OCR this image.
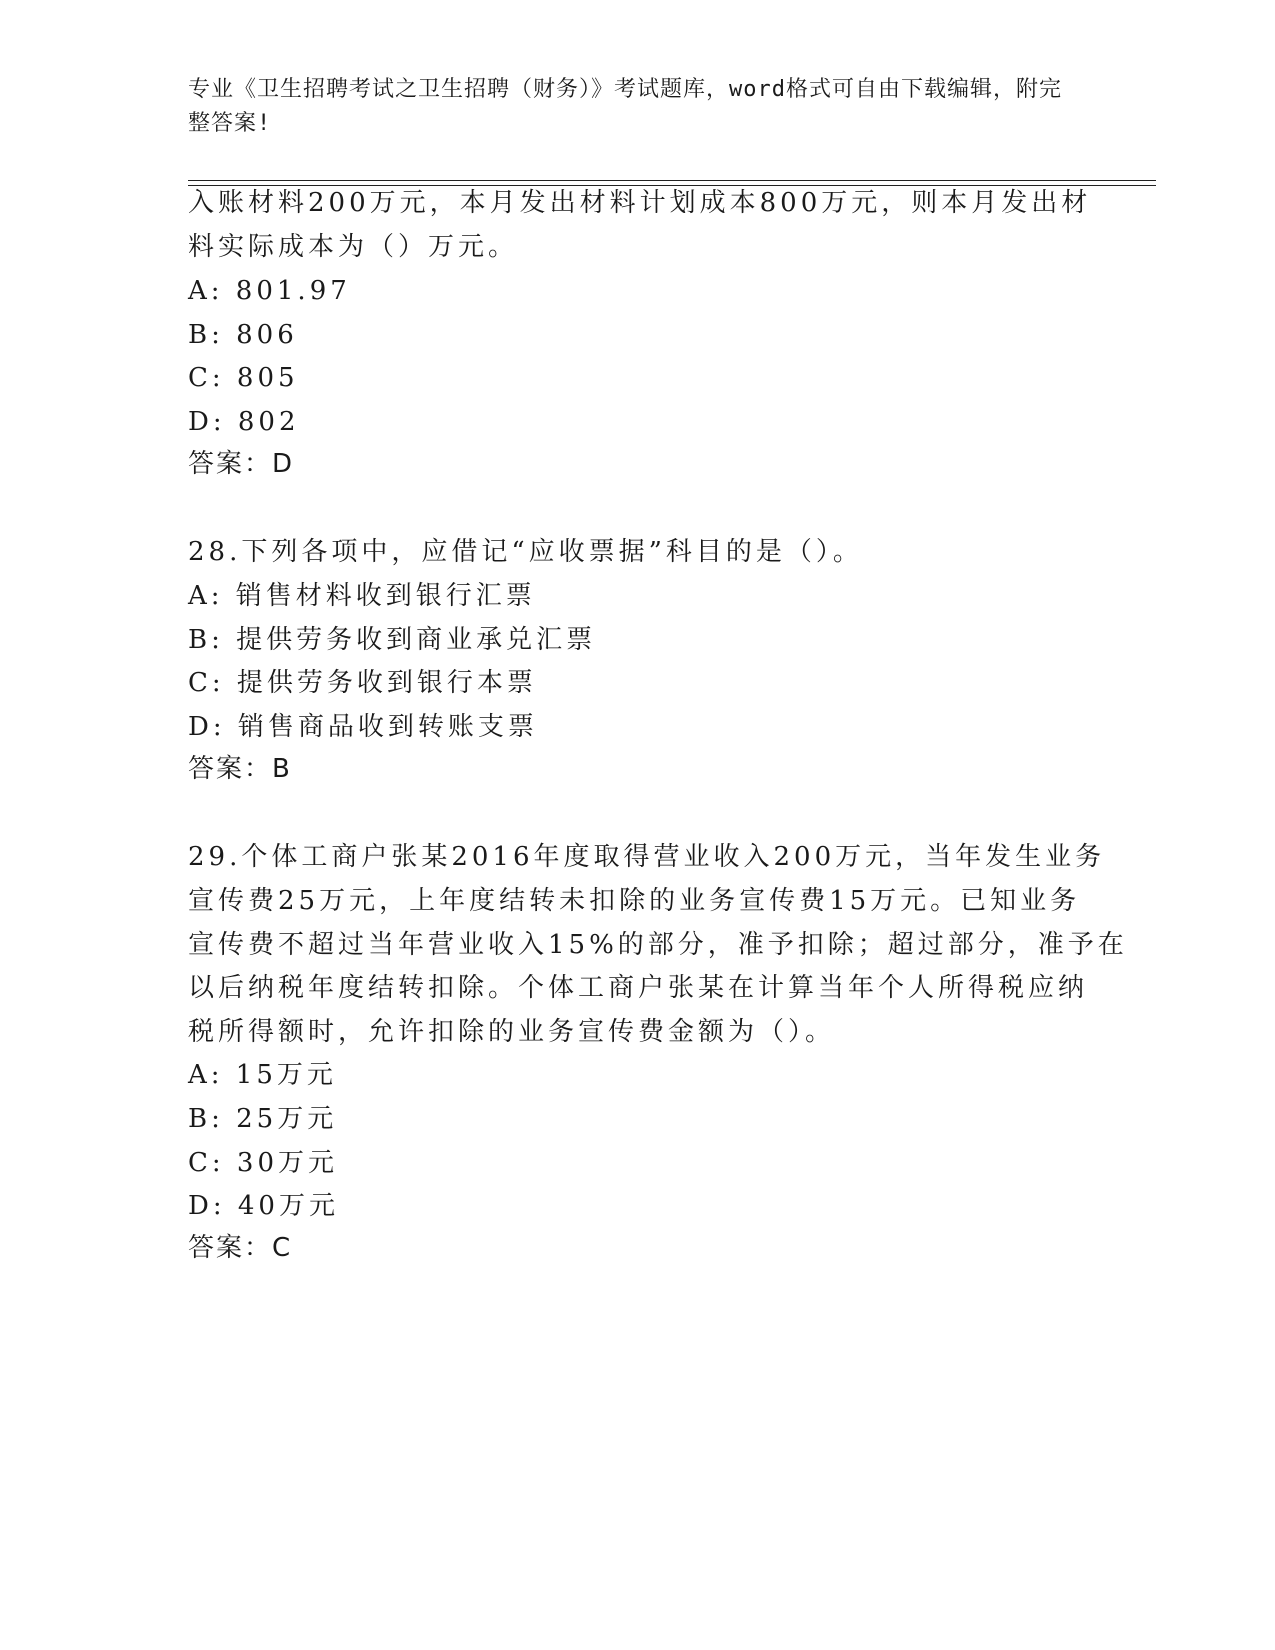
专业《卫生招聘考试之卫生招聘（财务）》考试题库，word格式可自由下载编辑，附完整答案!
入账材料200万元，本月发出材料计划成本800万元，则本月发出材
料实际成本为（）万元。
A: 801.97
B: 806
C: 805
D: 802
答案：D
28.下列各项中，应借记“应收票据”科目的是（）。
A: 销售材料收到银行汇票
B: 提供劳务收到商业承兑汇票
C: 提供劳务收到银行本票
D: 销售商品收到转账支票
答案：B
29.个体工商户张某2016年度取得营业收入200万元，当年发生业务
宣传费25万元，上年度结转未扣除的业务宣传费15万元。已知业务
宣传费不超过当年营业收入15%的部分，准予扣除；超过部分，准予在
以后纳税年度结转扣除。个体工商户张某在计算当年个人所得税应纳
税所得额时，允许扣除的业务宣传费金额为（）。
A: 15万元
B: 25万元
C: 30万元
D: 40万元
答案：C
